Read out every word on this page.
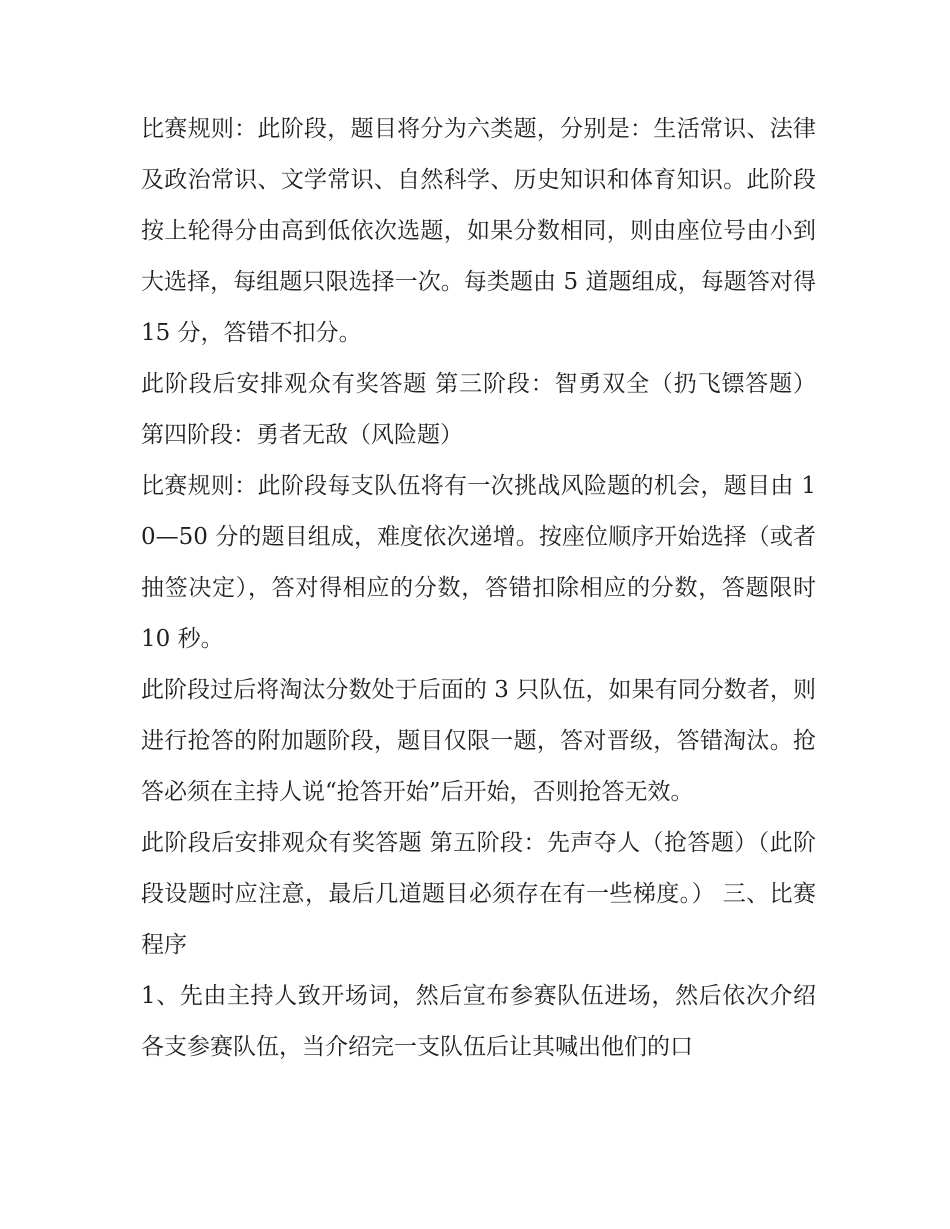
比赛规则：此阶段，题目将分为六类题，分别是：生活常识、法律及政治常识、文学常识、自然科学、历史知识和体育知识。此阶段按上轮得分由高到低依次选题，如果分数相同，则由座位号由小到大选择，每组题只限选择一次。每类题由 5 道题组成，每题答对得 15 分，答错不扣分。

此阶段后安排观众有奖答题 第三阶段：智勇双全（扔飞镖答题） 第四阶段：勇者无敌（风险题）

比赛规则：此阶段每支队伍将有一次挑战风险题的机会，题目由 10—50 分的题目组成，难度依次递增。按座位顺序开始选择（或者抽签决定），答对得相应的分数，答错扣除相应的分数，答题限时 10 秒。

此阶段过后将淘汰分数处于后面的 3 只队伍，如果有同分数者，则进行抢答的附加题阶段，题目仅限一题，答对晋级，答错淘汰。抢答必须在主持人说“抢答开始”后开始，否则抢答无效。

此阶段后安排观众有奖答题 第五阶段：先声夺人（抢答题）（此阶段设题时应注意，最后几道题目必须存在有一些梯度。） 三、比赛程序

1、先由主持人致开场词，然后宣布参赛队伍进场，然后依次介绍各支参赛队伍，当介绍完一支队伍后让其喊出他们的口
